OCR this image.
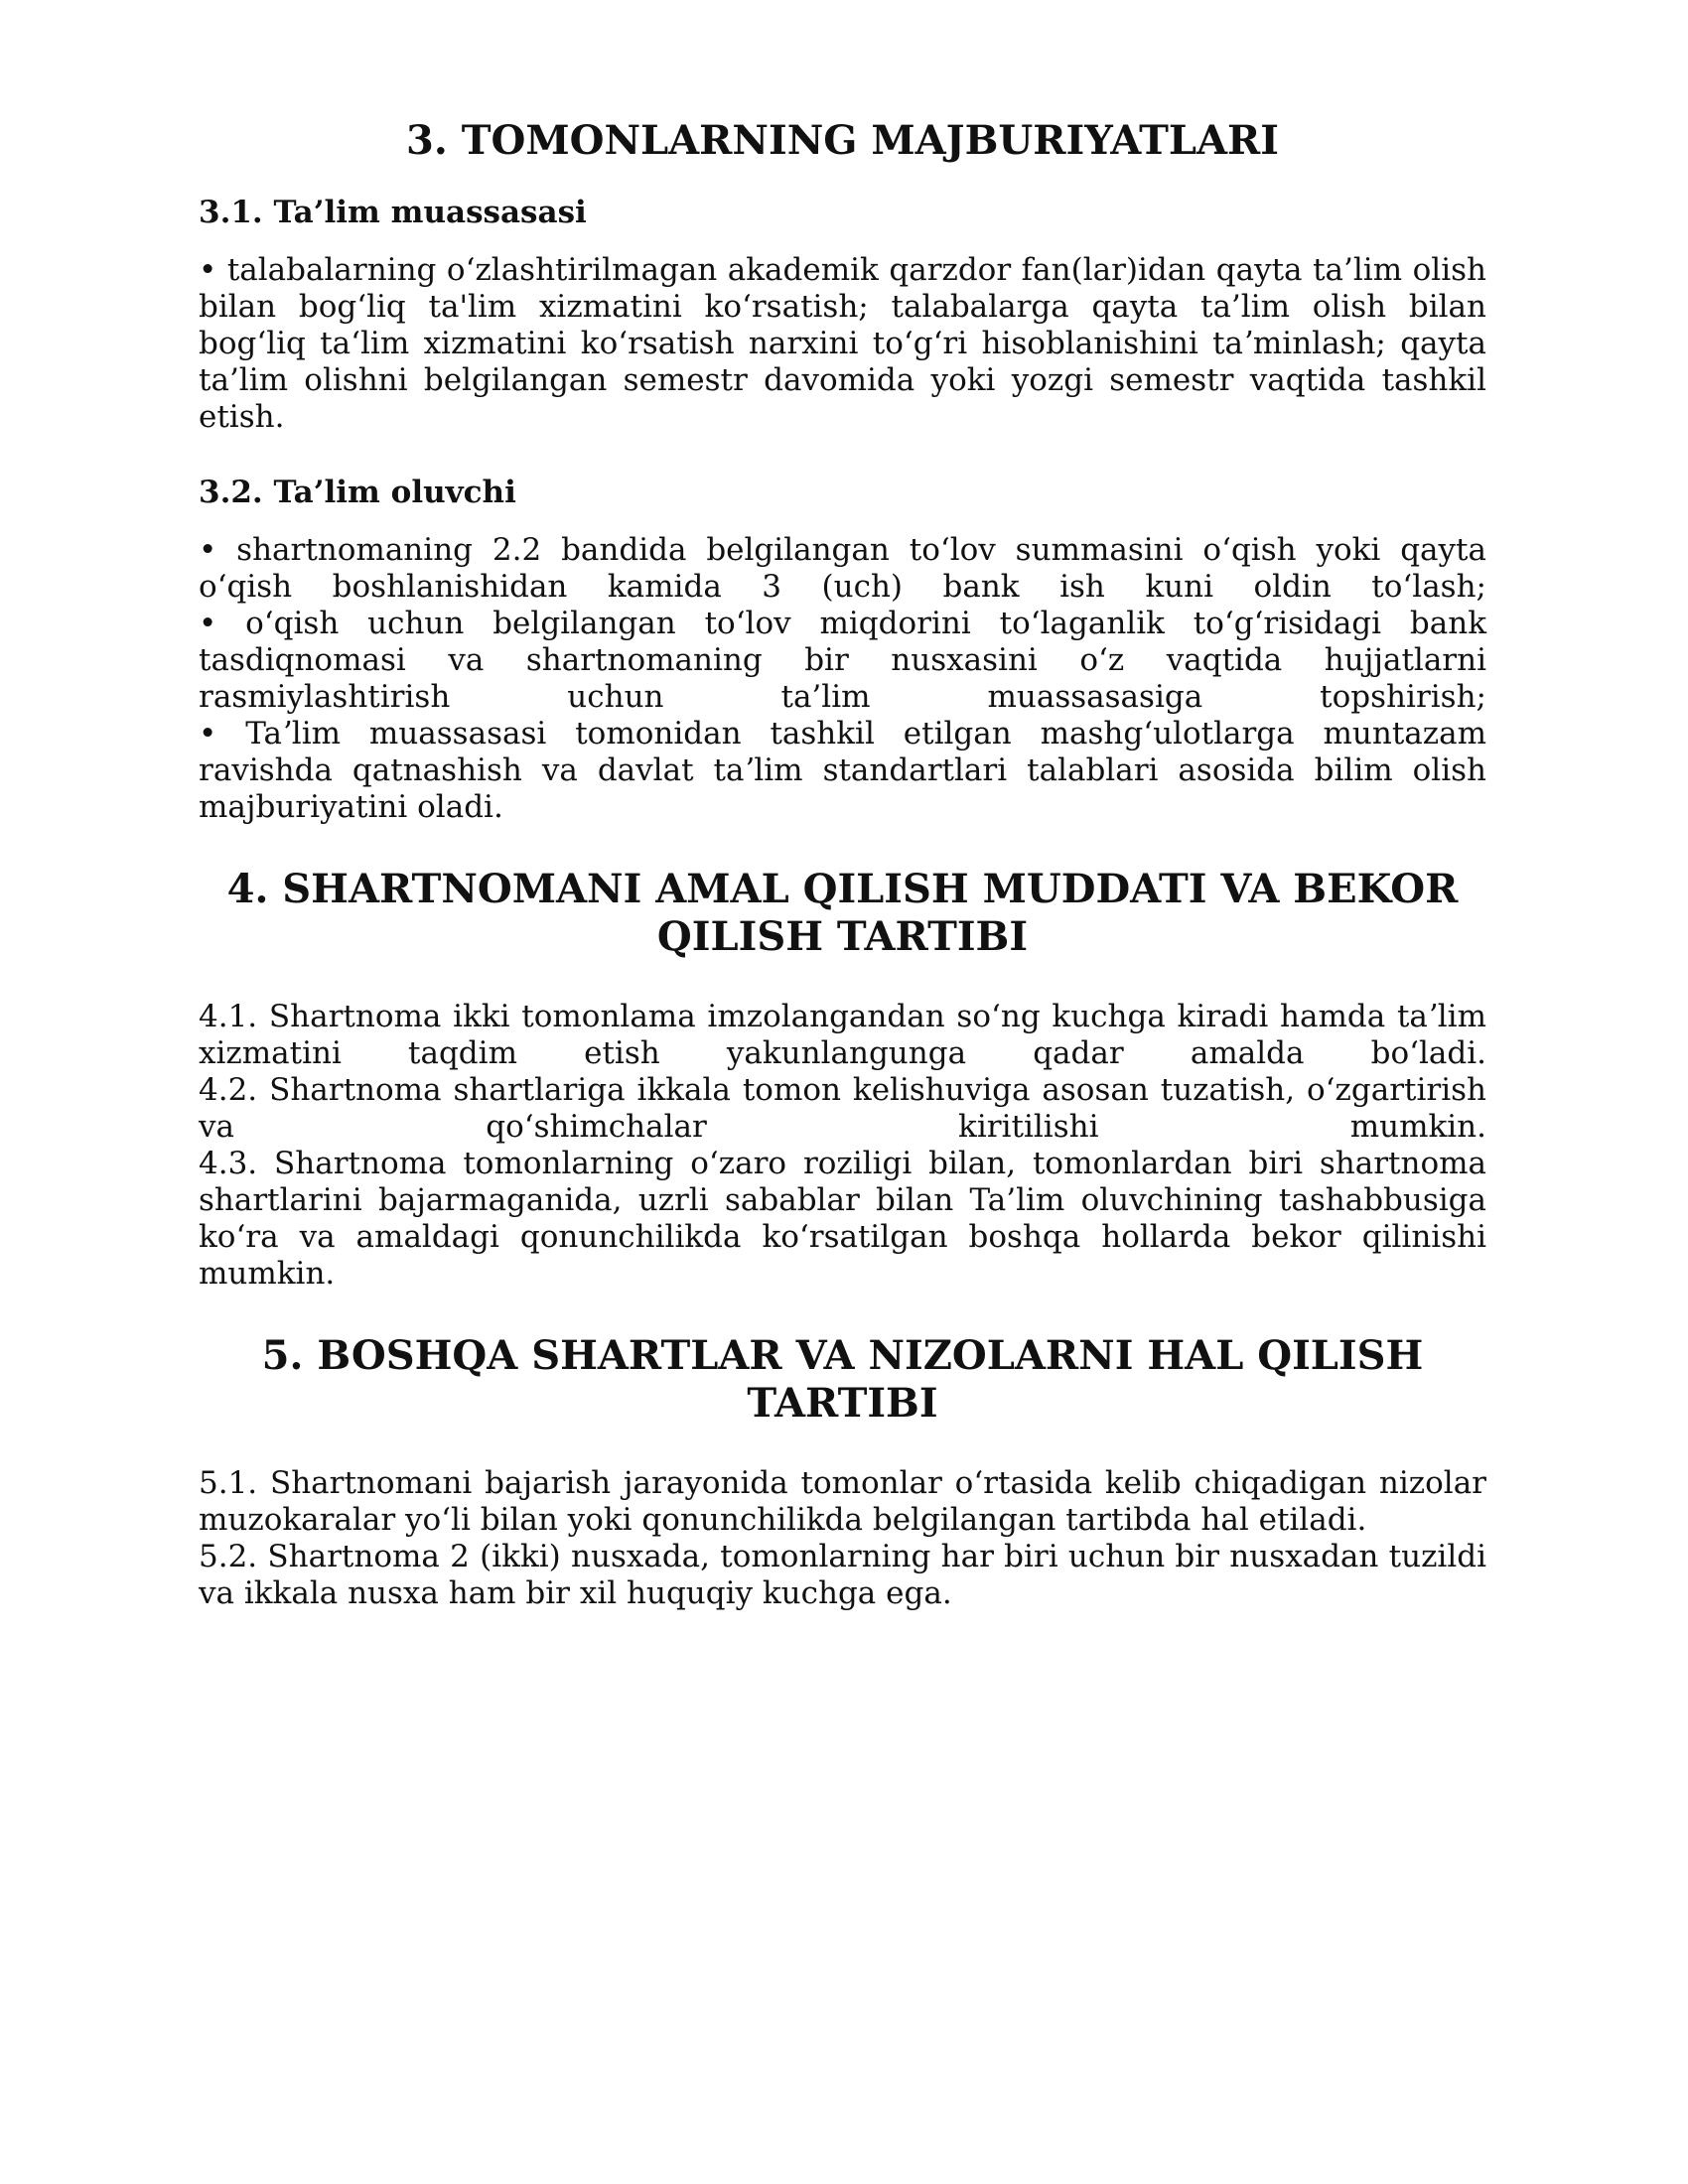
3. TOMONLARNING MAJBURIYATLARI
3.1. Ta’lim muassasasi

• talabalarning oʻzlashtirilmagan akademik qarzdor fan(lar)idan qayta ta’lim olish bilan bogʻliq ta'lim xizmatini koʻrsatish; talabalarga qayta ta’lim olish bilan bogʻliq taʻlim xizmatini koʻrsatish narxini toʻgʻri hisoblanishini taʼminlash; qayta ta’lim olishni belgilangan semestr davomida yoki yozgi semestr vaqtida tashkil etish.

3.2. Ta’lim oluvchi

• shartnomaning 2.2 bandida belgilangan toʻlov summasini oʻqish yoki qayta oʻqish boshlanishidan kamida 3 (uch) bank ish kuni oldin toʻlash;

• oʻqish uchun belgilangan toʻlov miqdorini toʻlaganlik toʻgʻrisidagi bank tasdiqnomasi va shartnomaning bir nusxasini oʻz vaqtida hujjatlarni rasmiylashtirish uchun ta’lim muassasasiga topshirish;

• Taʼlim muassasasi tomonidan tashkil etilgan mashgʻulotlarga muntazam ravishda qatnashish va davlat taʼlim standartlari talablari asosida bilim olish majburiyatini oladi.

4. SHARTNOMANI AMAL QILISH MUDDATI VA BEKOR QILISH TARTIBI

4.1. Shartnoma ikki tomonlama imzolangandan soʻng kuchga kiradi hamda taʼlim xizmatini taqdim etish yakunlangunga qadar amalda boʻladi.

4.2. Shartnoma shartlariga ikkala tomon kelishuviga asosan tuzatish, oʻzgartirish va qoʻshimchalar kiritilishi mumkin.

4.3. Shartnoma tomonlarning oʻzaro roziligi bilan, tomonlardan biri shartnoma shartlarini bajarmaganida, uzrli sabablar bilan Ta’lim oluvchining tashabbusiga koʻra va amaldagi qonunchilikda koʻrsatilgan boshqa hollarda bekor qilinishi mumkin.

5. BOSHQA SHARTLAR VA NIZOLARNI HAL QILISH TARTIBI

5.1. Shartnomani bajarish jarayonida tomonlar oʻrtasida kelib chiqadigan nizolar muzokaralar yoʻli bilan yoki qonunchilikda belgilangan tartibda hal etiladi.

5.2. Shartnoma 2 (ikki) nusxada, tomonlarning har biri uchun bir nusxadan tuzildi va ikkala nusxa ham bir xil huquqiy kuchga ega.
